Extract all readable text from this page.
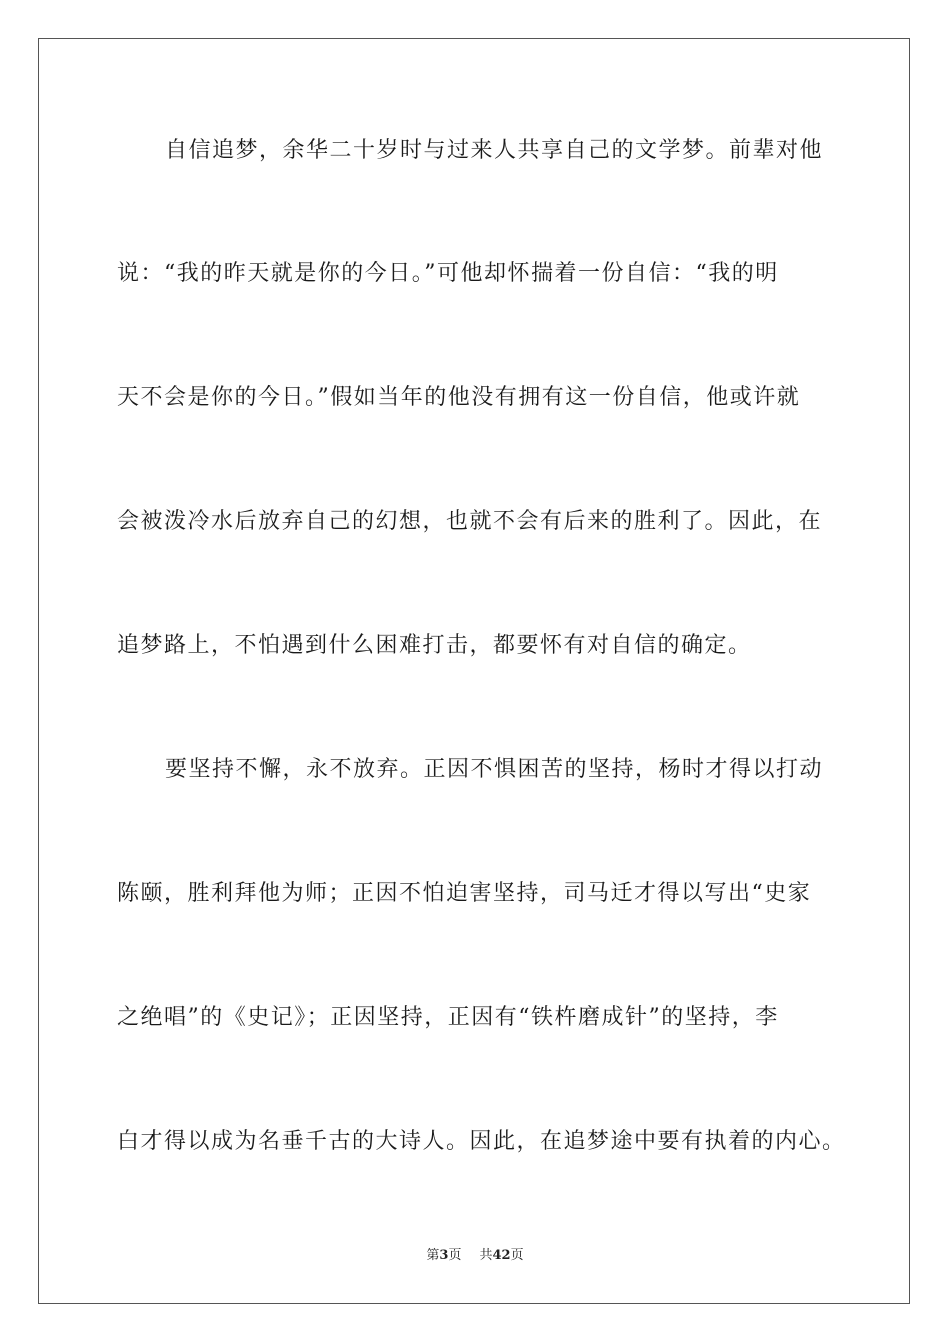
自信追梦，余华二十岁时与过来人共享自己的文学梦。前辈对他
说：“我的昨天就是你的今日。”可他却怀揣着一份自信：“我的明
天不会是你的今日。”假如当年的他没有拥有这一份自信，他或许就
会被泼冷水后放弃自己的幻想，也就不会有后来的胜利了。因此，在
追梦路上，不怕遇到什么困难打击，都要怀有对自信的确定。
要坚持不懈，永不放弃。正因不惧困苦的坚持，杨时才得以打动
陈颐，胜利拜他为师；正因不怕迫害坚持，司马迁才得以写出“史家
之绝唱”的《史记》；正因坚持，正因有“铁杵磨成针”的坚持，李
白才得以成为名垂千古的大诗人。因此，在追梦途中要有执着的内心。
第3页 共42页
